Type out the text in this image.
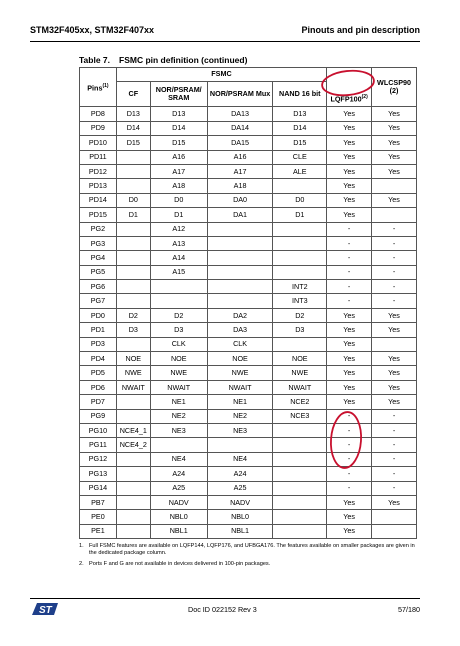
STM32F405xx, STM32F407xx	Pinouts and pin description
Table 7. FSMC pin definition (continued)
Pins$^{(1)}$	FSMC				LQFP100$^{(2)}$	WLCSP90
(2)
	CF	NOR/PSRAM/ SRAM	NOR/PSRAM Mux	NAND 16 bit		
PD8	D13	D13	DA13	D13	Yes	Yes
PD9	D14	D14	DA14	D14	Yes	Yes
PD10	D15	D15	DA15	D15	Yes	Yes
PD11		A16	A16	CLE	Yes	Yes
PD12		A17	A17	ALE	Yes	Yes
PD13		A18	A18		Yes	
PD14	D0	D0	DA0	D0	Yes	Yes
PD15	D1	D1	DA1	D1	Yes	
PG2		A12			-	-
PG3		A13			-	-
PG4		A14			-	-
PG5		A15			-	-
PG6				INT2	-	-
PG7				INT3	-	-
PD0	D2	D2	DA2	D2	Yes	Yes
PD1	D3	D3	DA3	D3	Yes	Yes
PD3		CLK	CLK		Yes	
PD4	NOE	NOE	NOE	NOE	Yes	Yes
PD5	NWE	NWE	NWE	NWE	Yes	Yes
PD6	NWAIT	NWAIT	NWAIT	NWAIT	Yes	Yes
PD7		NE1	NE1	NCE2	Yes	Yes
PG9		NE2	NE2	NCE3	-	-
PG10	NCE4_1	NE3	NE3		-	-
PG11	NCE4_2				-	-
PG12		NE4	NE4		-	-
PG13		A24	A24		-	-
PG14		A25	A25		-	-
PB7		NADV	NADV		Yes	Yes
PE0		NBL0	NBL0		Yes	
PE1		NBL1	NBL1		Yes	
1. Full FSMC features are available on LQFP144, LQFP176, and UFBGA176. The features available on smaller packages are given in the dedicated package column.
2. Ports F and G are not available in devices delivered in 100-pin packages.
ST	Doc ID 022152 Rev 3	57/180
